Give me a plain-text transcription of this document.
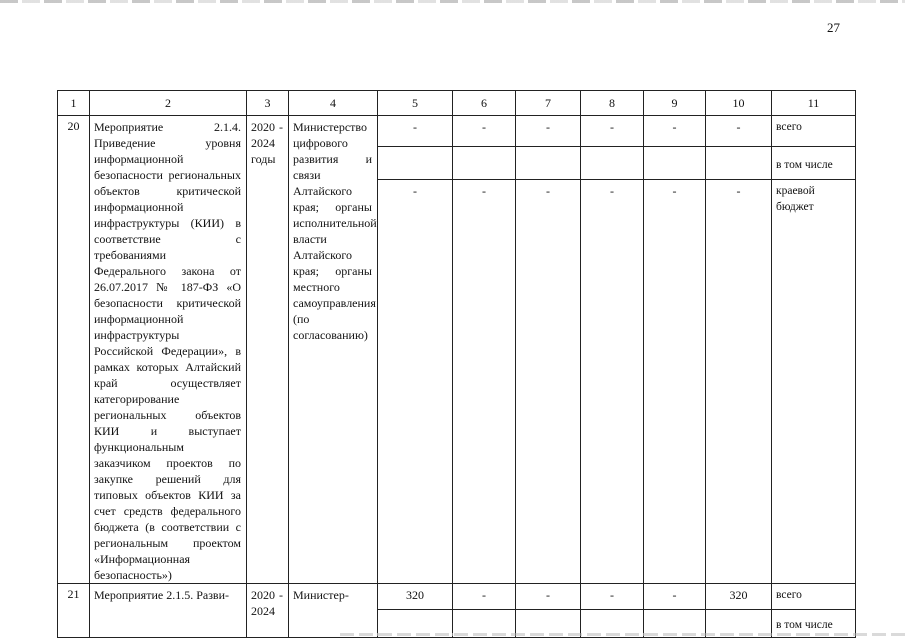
27
1	2	3	4	5	6	7	8	9	10	11
20	Мероприятие 2.1.4. Приведение уровня информационной безопасности региональных объектов критической информационной инфраструктуры (КИИ) в соответствие с требованиями Федерального закона от 26.07.2017 № 187-ФЗ «О безопасности критической информационной инфраструктуры Российской Федерации», в рамках которых Алтайский край осуществляет категорирование региональных объектов КИИ и выступает функциональным заказчиком проектов по закупке решений для типовых объектов КИИ за счет средств федерального бюджета (в соответствии с региональным проектом «Информационная безопасность»)	2020 - 2024 годы	Министерство цифрового развития и связи Алтайского края; органы исполнительной власти Алтайского края; органы местного самоуправления (по согласованию)	-	-	-	-	-	-	всего
										в том числе
				-	-	-	-	-	-	краевой бюджет
21	Мероприятие 2.1.5. Разви-	2020 - 2024	Министер-	320	-	-	-	-	320	всего
										в том числе
